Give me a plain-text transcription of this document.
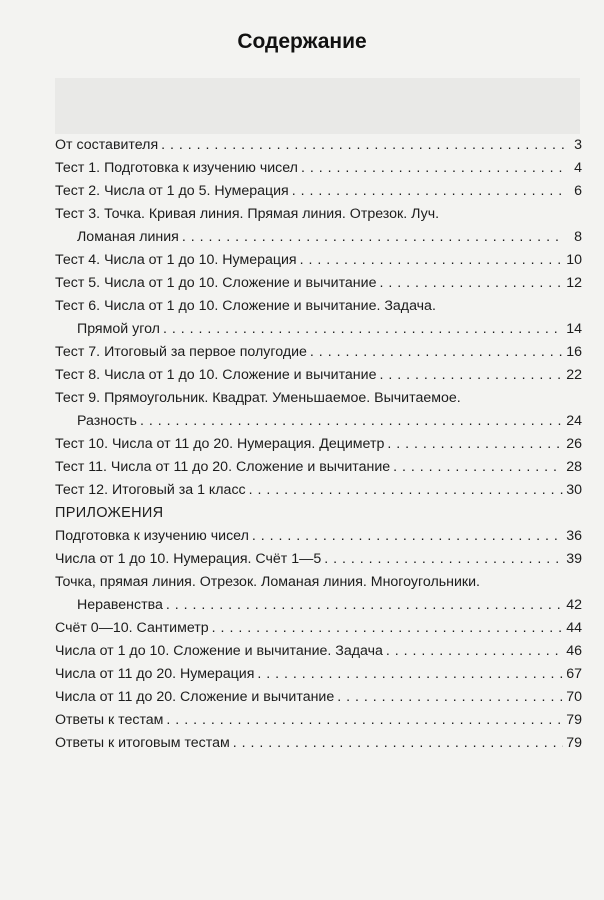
Содержание
От составителя . . .	3
Тест 1. Подготовка к изучению чисел . . .	4
Тест 2. Числа от 1 до 5. Нумерация . . .	6
Тест 3. Точка. Кривая линия. Прямая линия. Отрезок. Луч.
Ломаная линия . . .	8
Тест 4. Числа от 1 до 10. Нумерация . . .	10
Тест 5. Числа от 1 до 10. Сложение и вычитание . . .	12
Тест 6. Числа от 1 до 10. Сложение и вычитание. Задача.
Прямой угол . . .	14
Тест 7. Итоговый за первое полугодие . . .	16
Тест 8. Числа от 1 до 10. Сложение и вычитание . . .	22
Тест 9. Прямоугольник. Квадрат. Уменьшаемое. Вычитаемое.
Разность . . .	24
Тест 10. Числа от 11 до 20. Нумерация. Дециметр . . .	26
Тест 11. Числа от 11 до 20. Сложение и вычитание . . .	28
Тест 12. Итоговый за 1 класс . . .	30
ПРИЛОЖЕНИЯ
Подготовка к изучению чисел . . .	36
Числа от 1 до 10. Нумерация. Счёт 1—5 . . .	39
Точка, прямая линия. Отрезок. Ломаная линия. Многоугольники.
Неравенства . . .	42
Счёт 0—10. Сантиметр . . .	44
Числа от 1 до 10. Сложение и вычитание. Задача . . .	46
Числа от 11 до 20. Нумерация . . .	67
Числа от 11 до 20. Сложение и вычитание . . .	70
Ответы к тестам . . .	79
Ответы к итоговым тестам . . .	79
